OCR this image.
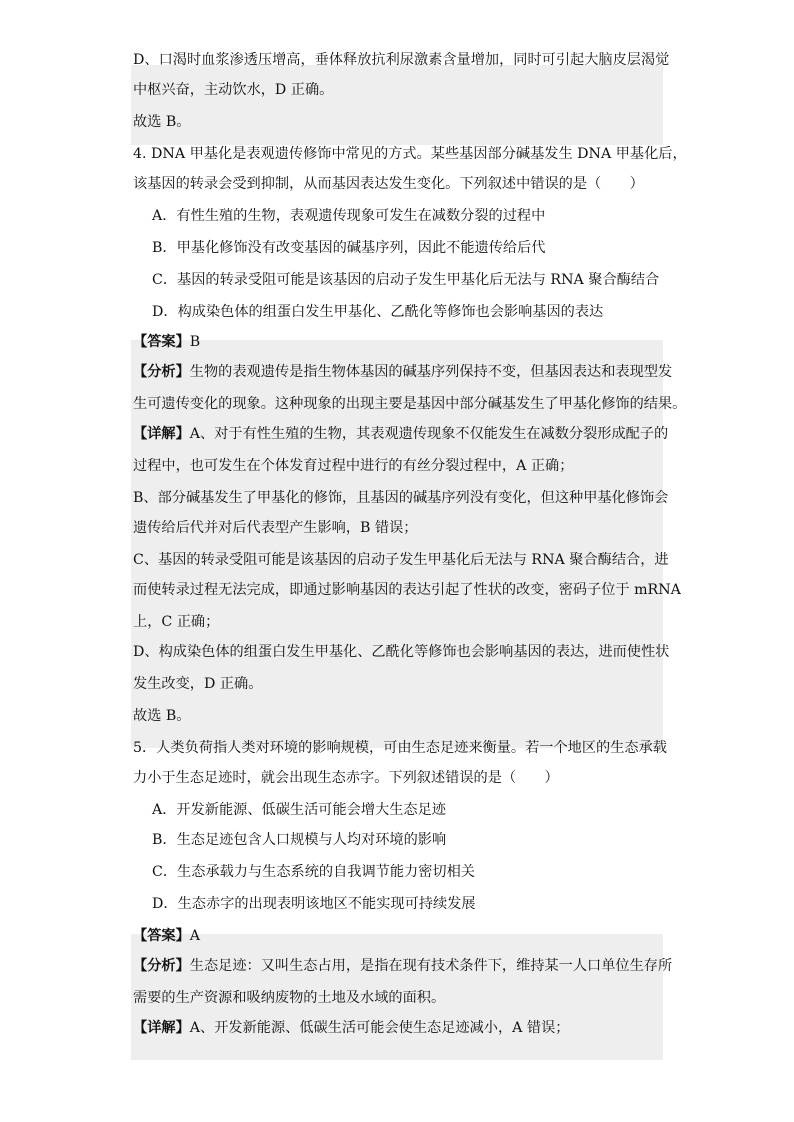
D、口渴时血浆渗透压增高，垂体释放抗利尿激素含量增加，同时可引起大脑皮层渴觉
中枢兴奋，主动饮水，D 正确。
故选 B。
4. DNA 甲基化是表观遗传修饰中常见的方式。某些基因部分碱基发生 DNA 甲基化后，
该基因的转录会受到抑制，从而基因表达发生变化。下列叙述中错误的是（　　）
A．有性生殖的生物，表观遗传现象可发生在减数分裂的过程中
B．甲基化修饰没有改变基因的碱基序列，因此不能遗传给后代
C．基因的转录受阻可能是该基因的启动子发生甲基化后无法与 RNA 聚合酶结合
D．构成染色体的组蛋白发生甲基化、乙酰化等修饰也会影响基因的表达
【答案】B
【分析】生物的表观遗传是指生物体基因的碱基序列保持不变，但基因表达和表现型发
生可遗传变化的现象。这种现象的出现主要是基因中部分碱基发生了甲基化修饰的结果。
【详解】A、对于有性生殖的生物，其表观遗传现象不仅能发生在减数分裂形成配子的
过程中，也可发生在个体发育过程中进行的有丝分裂过程中，A 正确；
B、部分碱基发生了甲基化的修饰，且基因的碱基序列没有变化，但这种甲基化修饰会
遗传给后代并对后代表型产生影响，B 错误；
C、基因的转录受阻可能是该基因的启动子发生甲基化后无法与 RNA 聚合酶结合，进
而使转录过程无法完成，即通过影响基因的表达引起了性状的改变，密码子位于 mRNA
上，C 正确；
D、构成染色体的组蛋白发生甲基化、乙酰化等修饰也会影响基因的表达，进而使性状
发生改变，D 正确。
故选 B。
5．人类负荷指人类对环境的影响规模，可由生态足迹来衡量。若一个地区的生态承载
力小于生态足迹时，就会出现生态赤字。下列叙述错误的是（　　）
A．开发新能源、低碳生活可能会增大生态足迹
B．生态足迹包含人口规模与人均对环境的影响
C．生态承载力与生态系统的自我调节能力密切相关
D．生态赤字的出现表明该地区不能实现可持续发展
【答案】A
【分析】生态足迹：又叫生态占用，是指在现有技术条件下，维持某一人口单位生存所
需要的生产资源和吸纳废物的土地及水域的面积。
【详解】A、开发新能源、低碳生活可能会使生态足迹减小，A 错误；
